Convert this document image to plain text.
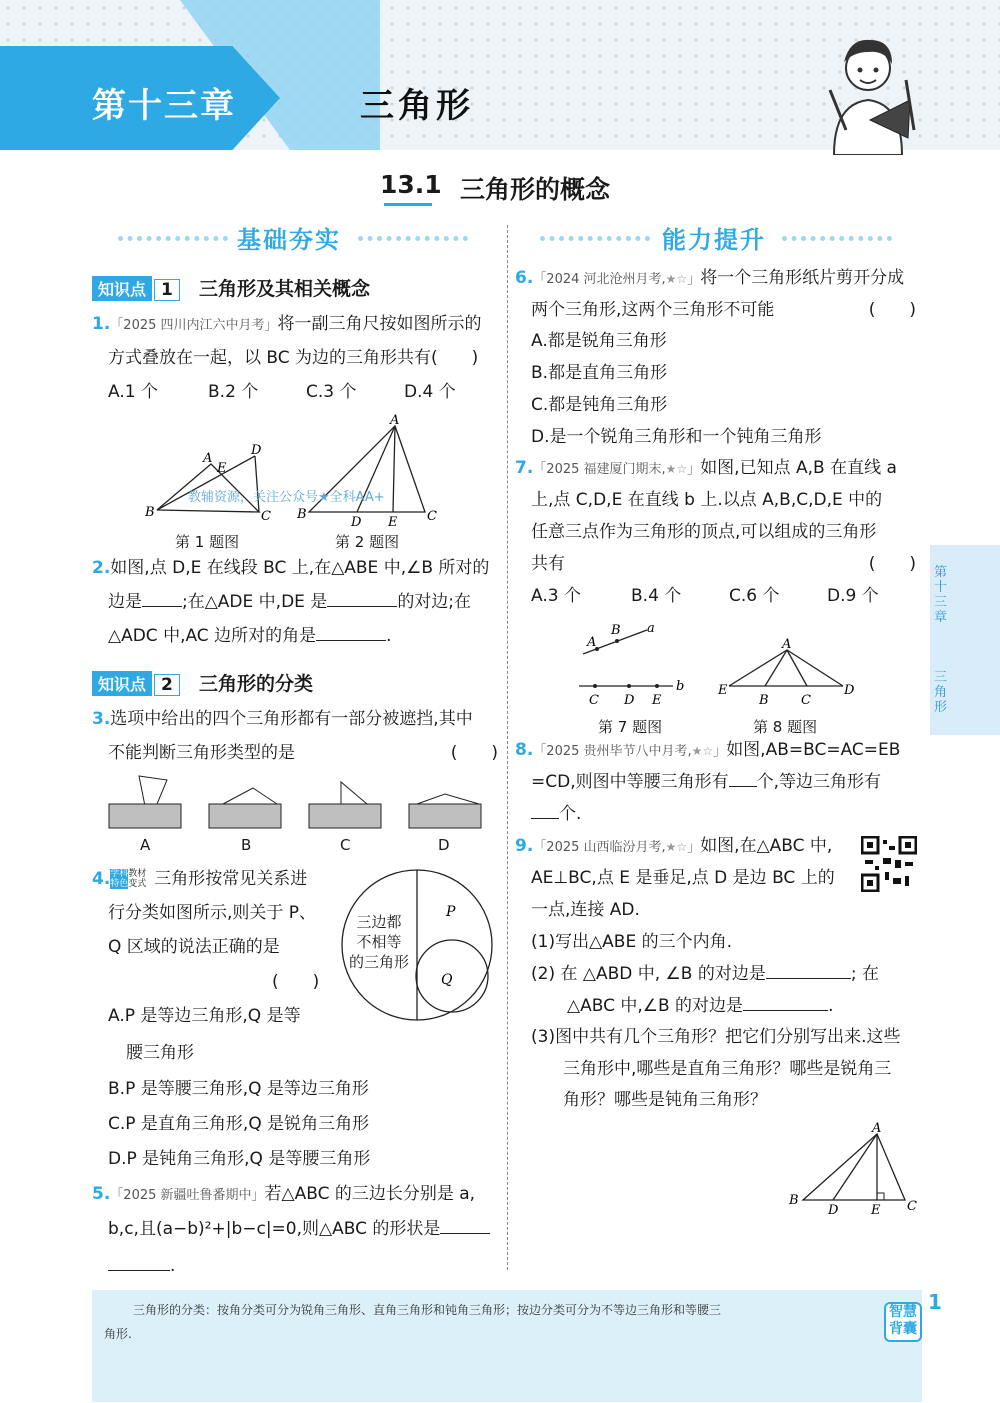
第十三章	三角形
13.1 三角形的概念
基础夯实	能力提升
知识点 1	三角形及其相关概念
1.「2025 四川内江六中月考」将一副三角尺按如图所示的
方式叠放在一起，以 BC 为边的三角形共有(　　)
A.1 个	B.2 个	C.3 个	D.4 个
B	C
A
E
D
A
B	C
D E
教辅资源，关注公众号★全科AA+
第 1 题图	第 2 题图
2.如图,点 D,E 在线段 BC 上,在△ABE 中,∠B 所对的
边是 ;在△ADE 中,DE 是	的对边;在
△ADC 中,AC 边所对的角是	.
知识点 2	三角形的分类
3.选项中给出的四个三角形都有一部分被遮挡,其中
不能判断三角形类型的是	(　　)
A	B	C	D
4.学科特色教材变式 三角形按常见关系进
行分类如图所示,则关于 P、
Q 区域的说法正确的是
(　　)
A.P 是等边三角形,Q 是等
腰三角形
B.P 是等腰三角形,Q 是等边三角形
C.P 是直角三角形,Q 是锐角三角形
D.P 是钝角三角形,Q 是等腰三角形
P
Q
三边都
不相等
的三角形
5.「2025 新疆吐鲁番期中」若△ABC 的三边长分别是 a,
b,c,且(a−b)²+|b−c|=0,则△ABC 的形状是
.
6.「2024 河北沧州月考,★☆」将一个三角形纸片剪开分成
两个三角形,这两个三角形不可能	(　　)
A.都是锐角三角形
B.都是直角三角形
C.都是钝角三角形
D.是一个锐角三角形和一个钝角三角形
7.「2025 福建厦门期末,★☆」如图,已知点 A,B 在直线 a
上,点 C,D,E 在直线 b 上.以点 A,B,C,D,E 中的
任意三点作为三角形的顶点,可以组成的三角形
共有	(　　)
A.3 个	B.4 个	C.6 个	D.9 个
A
B a
C D E
b
A
E
B C
D
第 7 题图	第 8 题图
8.「2025 贵州毕节八中月考,★☆」如图,AB=BC=AC=EB
=CD,则图中等腰三角形有 个,等边三角形有
个.
9.「2025 山西临汾月考,★☆」如图,在△ABC 中,
AE⊥BC,点 E 是垂足,点 D 是边 BC 上的
一点,连接 AD.
(1)写出△ABE 的三个内角.
(2) 在 △ABD 中, ∠B 的对边是	; 在
△ABC 中,∠B 的对边是	.
(3)图中共有几个三角形？把它们分别写出来.这些
三角形中,哪些是直角三角形？哪些是锐角三
角形？哪些是钝角三角形？
A
B	C
D	E
第十三章
三角形
三角形的分类：按角分类可分为锐角三角形、直角三角形和钝角三角形；按边分类可分为不等边三角形和等腰三
角形.
智慧背囊
1
